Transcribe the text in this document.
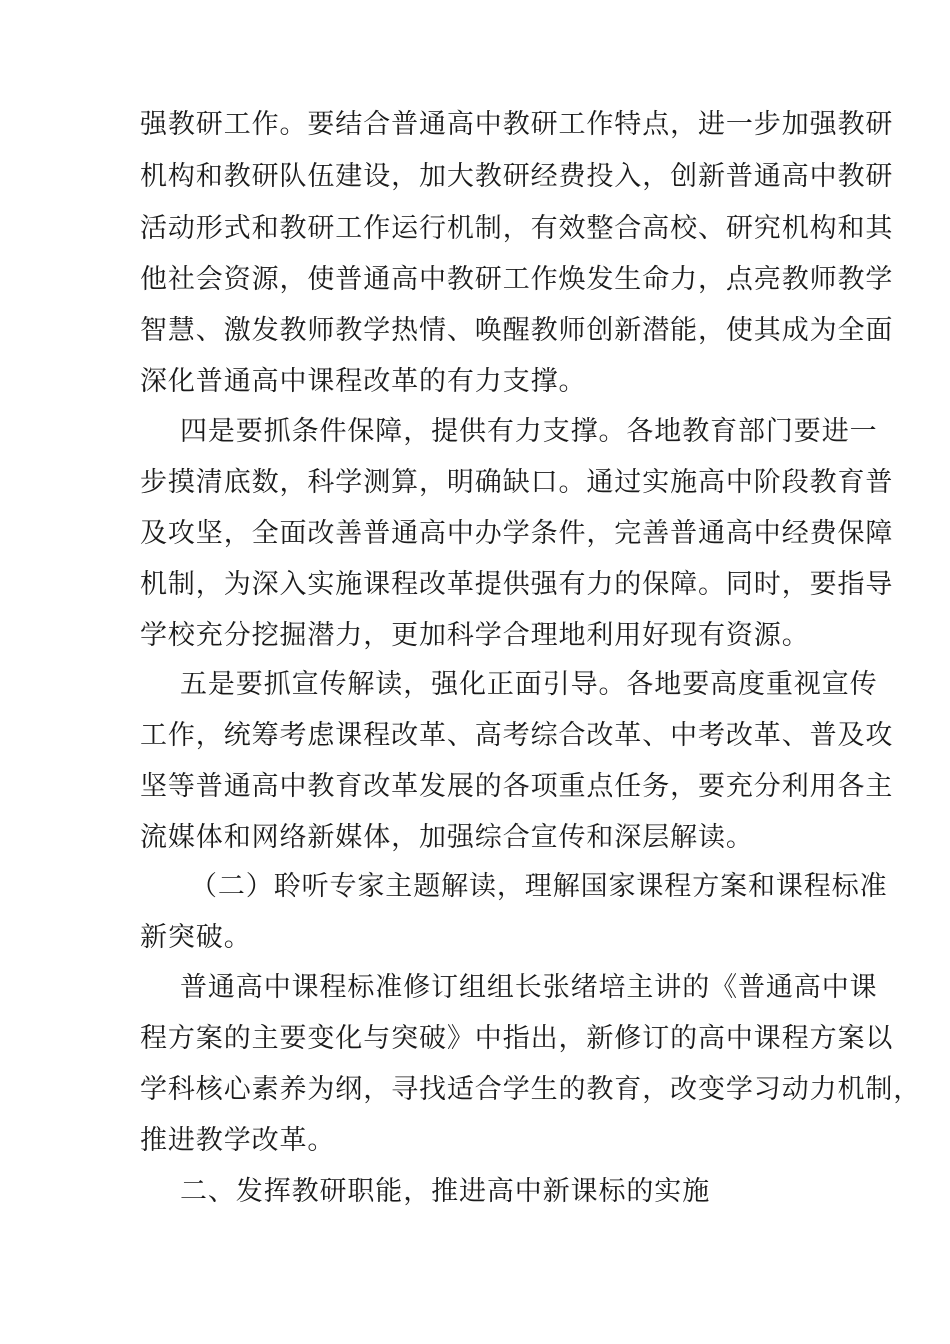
强教研工作。要结合普通高中教研工作特点，进一步加强教研
机构和教研队伍建设，加大教研经费投入，创新普通高中教研
活动形式和教研工作运行机制，有效整合高校、研究机构和其
他社会资源，使普通高中教研工作焕发生命力，点亮教师教学
智慧、激发教师教学热情、唤醒教师创新潜能，使其成为全面
深化普通高中课程改革的有力支撑。
四是要抓条件保障，提供有力支撑。各地教育部门要进一
步摸清底数，科学测算，明确缺口。通过实施高中阶段教育普
及攻坚，全面改善普通高中办学条件，完善普通高中经费保障
机制，为深入实施课程改革提供强有力的保障。同时，要指导
学校充分挖掘潜力，更加科学合理地利用好现有资源。
五是要抓宣传解读，强化正面引导。各地要高度重视宣传
工作，统筹考虑课程改革、高考综合改革、中考改革、普及攻
坚等普通高中教育改革发展的各项重点任务，要充分利用各主
流媒体和网络新媒体，加强综合宣传和深层解读。
（二）聆听专家主题解读，理解国家课程方案和课程标准
新突破。
普通高中课程标准修订组组长张绪培主讲的《普通高中课
程方案的主要变化与突破》中指出，新修订的高中课程方案以
学科核心素养为纲，寻找适合学生的教育，改变学习动力机制，
推进教学改革。
二、发挥教研职能，推进高中新课标的实施
